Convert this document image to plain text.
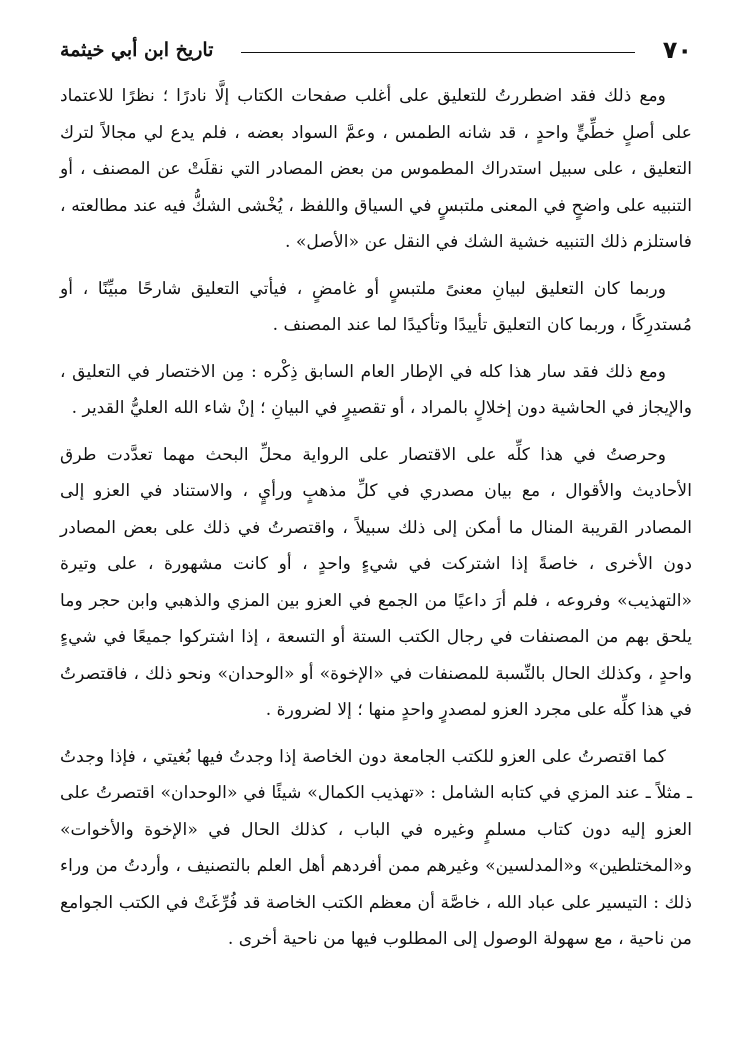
٧٠
تاريخ ابن أبي خيثمة

ومع ذلك فقد اضطررتُ للتعليق على أغلب صفحات الكتاب إلَّا نادرًا ؛ نظرًا للاعتماد على أصلٍ خطِّيٍّ واحدٍ ، قد شانه الطمس ، وعمَّ السواد بعضه ، فلم يدع لي مجالاً لترك التعليق ، على سبيل استدراك المطموس من بعض المصادر التي نقلَتْ عن المصنف ، أو التنبيه على واضحٍ في المعنى ملتبسٍ في السياق واللفظ ، يُخْشى الشكُّ فيه عند مطالعته ، فاستلزم ذلك التنبيه خشية الشك في النقل عن «الأصل» .

وربما كان التعليق لبيانِ معنىً ملتبسٍ أو غامضٍ ، فيأتي التعليق شارحًا مبيِّنًا ، أو مُستدرِكًا ، وربما كان التعليق تأييدًا وتأكيدًا لما عند المصنف .

ومع ذلك فقد سار هذا كله في الإطار العام السابق ذِكْره : مِن الاختصار في التعليق ، والإيجاز في الحاشية دون إخلالٍ بالمراد ، أو تقصيرٍ في البيانِ ؛ إنْ شاء الله العليُّ القدير .

وحرصتُ في هذا كلِّه على الاقتصار على الرواية محلِّ البحث مهما تعدَّدت طرق الأحاديث والأقوال ، مع بيان مصدري في كلِّ مذهبٍ ورأيٍ ، والاستناد في العزو إلى المصادر القريبة المنال ما أمكن إلى ذلك سبيلاً ، واقتصرتُ في ذلك على بعض المصادر دون الأخرى ، خاصةً إذا اشتركت في شيءٍ واحدٍ ، أو كانت مشهورة ، على وتيرة «التهذيب» وفروعه ، فلم أرَ داعيًا من الجمع في العزو بين المزي والذهبي وابن حجر وما يلحق بهم من المصنفات في رجال الكتب الستة أو التسعة ، إذا اشتركوا جميعًا في شيءٍ واحدٍ ، وكذلك الحال بالنِّسبة للمصنفات في «الإخوة» أو «الوحدان» ونحو ذلك ، فاقتصرتُ في هذا كلِّه على مجرد العزو لمصدرٍ واحدٍ منها ؛ إلا لضرورة .

كما اقتصرتُ على العزو للكتب الجامعة دون الخاصة إذا وجدتُ فيها بُغيتي ، فإذا وجدتُ ـ مثلاً ـ عند المزي في كتابه الشامل : «تهذيب الكمال» شيئًا في «الوحدان» اقتصرتُ على العزو إليه دون كتاب مسلمٍ وغيره في الباب ، كذلك الحال في «الإخوة والأخوات» و«المختلطين» و«المدلسين» وغيرهم ممن أفردهم أهل العلم بالتصنيف ، وأردتُ من وراء ذلك : التيسير على عباد الله ، خاصَّة أن معظم الكتب الخاصة قد فُرِّغَتْ في الكتب الجوامع من ناحية ، مع سهولة الوصول إلى المطلوب فيها من ناحية أخرى .
